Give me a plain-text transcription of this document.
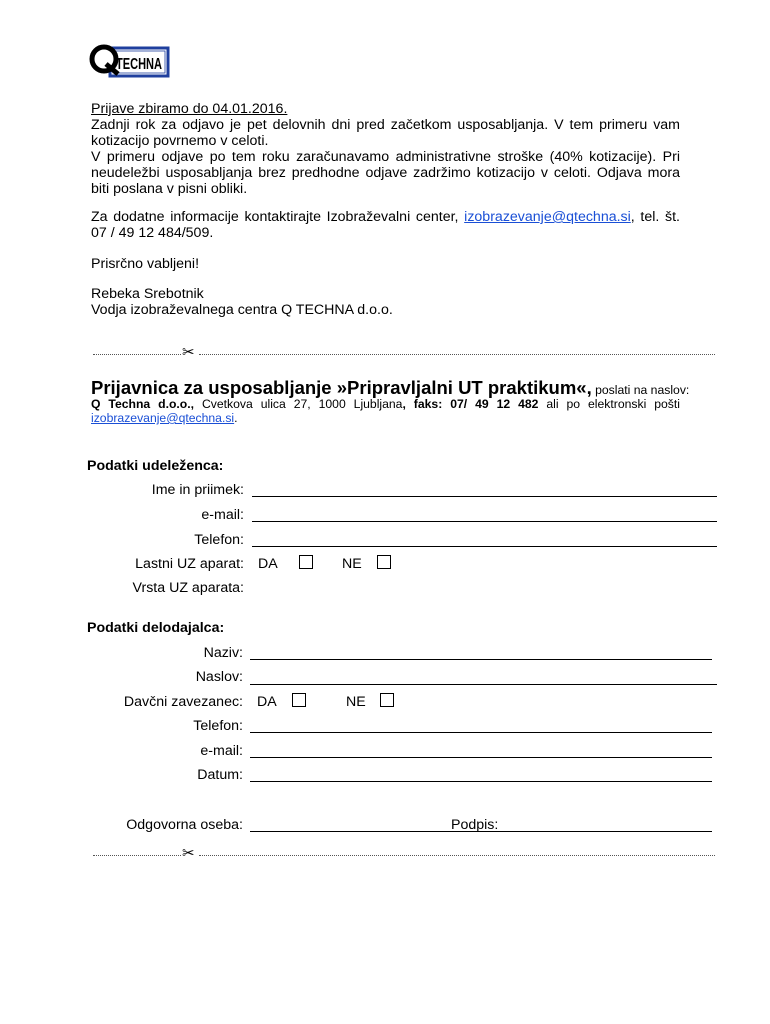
TECHNA
Prijave zbiramo do 04.01.2016.
Zadnji rok za odjavo je pet delovnih dni pred začetkom usposabljanja. V tem primeru vam kotizacijo povrnemo v celoti.
V primeru odjave po tem roku zaračunavamo administrativne stroške (40% kotizacije). Pri neudeležbi usposabljanja brez predhodne odjave zadržimo kotizacijo v celoti. Odjava mora biti poslana v pisni obliki.
Za dodatne informacije kontaktirajte Izobraževalni center, izobrazevanje@qtechna.si, tel. št. 07 / 49 12 484/509.
Prisrčno vabljeni!
Rebeka Srebotnik
Vodja izobraževalnega centra Q TECHNA d.o.o.
✂
Prijavnica za usposabljanje »Pripravljalni UT praktikum«, poslati na naslov:
Q Techna d.o.o., Cvetkova ulica 27, 1000 Ljubljana, faks: 07/ 49 12 482 ali po elektronski pošti izobrazevanje@qtechna.si.
Podatki udeleženca:
Ime in priimek:
e-mail:
Telefon:
Lastni UZ aparat: DA	NE
Vrsta UZ aparata:
Podatki delodajalca:
Naziv:
Naslov:
Davčni zavezanec: DA	NE
Telefon:
e-mail:
Datum:
Odgovorna oseba:	Podpis:
✂
